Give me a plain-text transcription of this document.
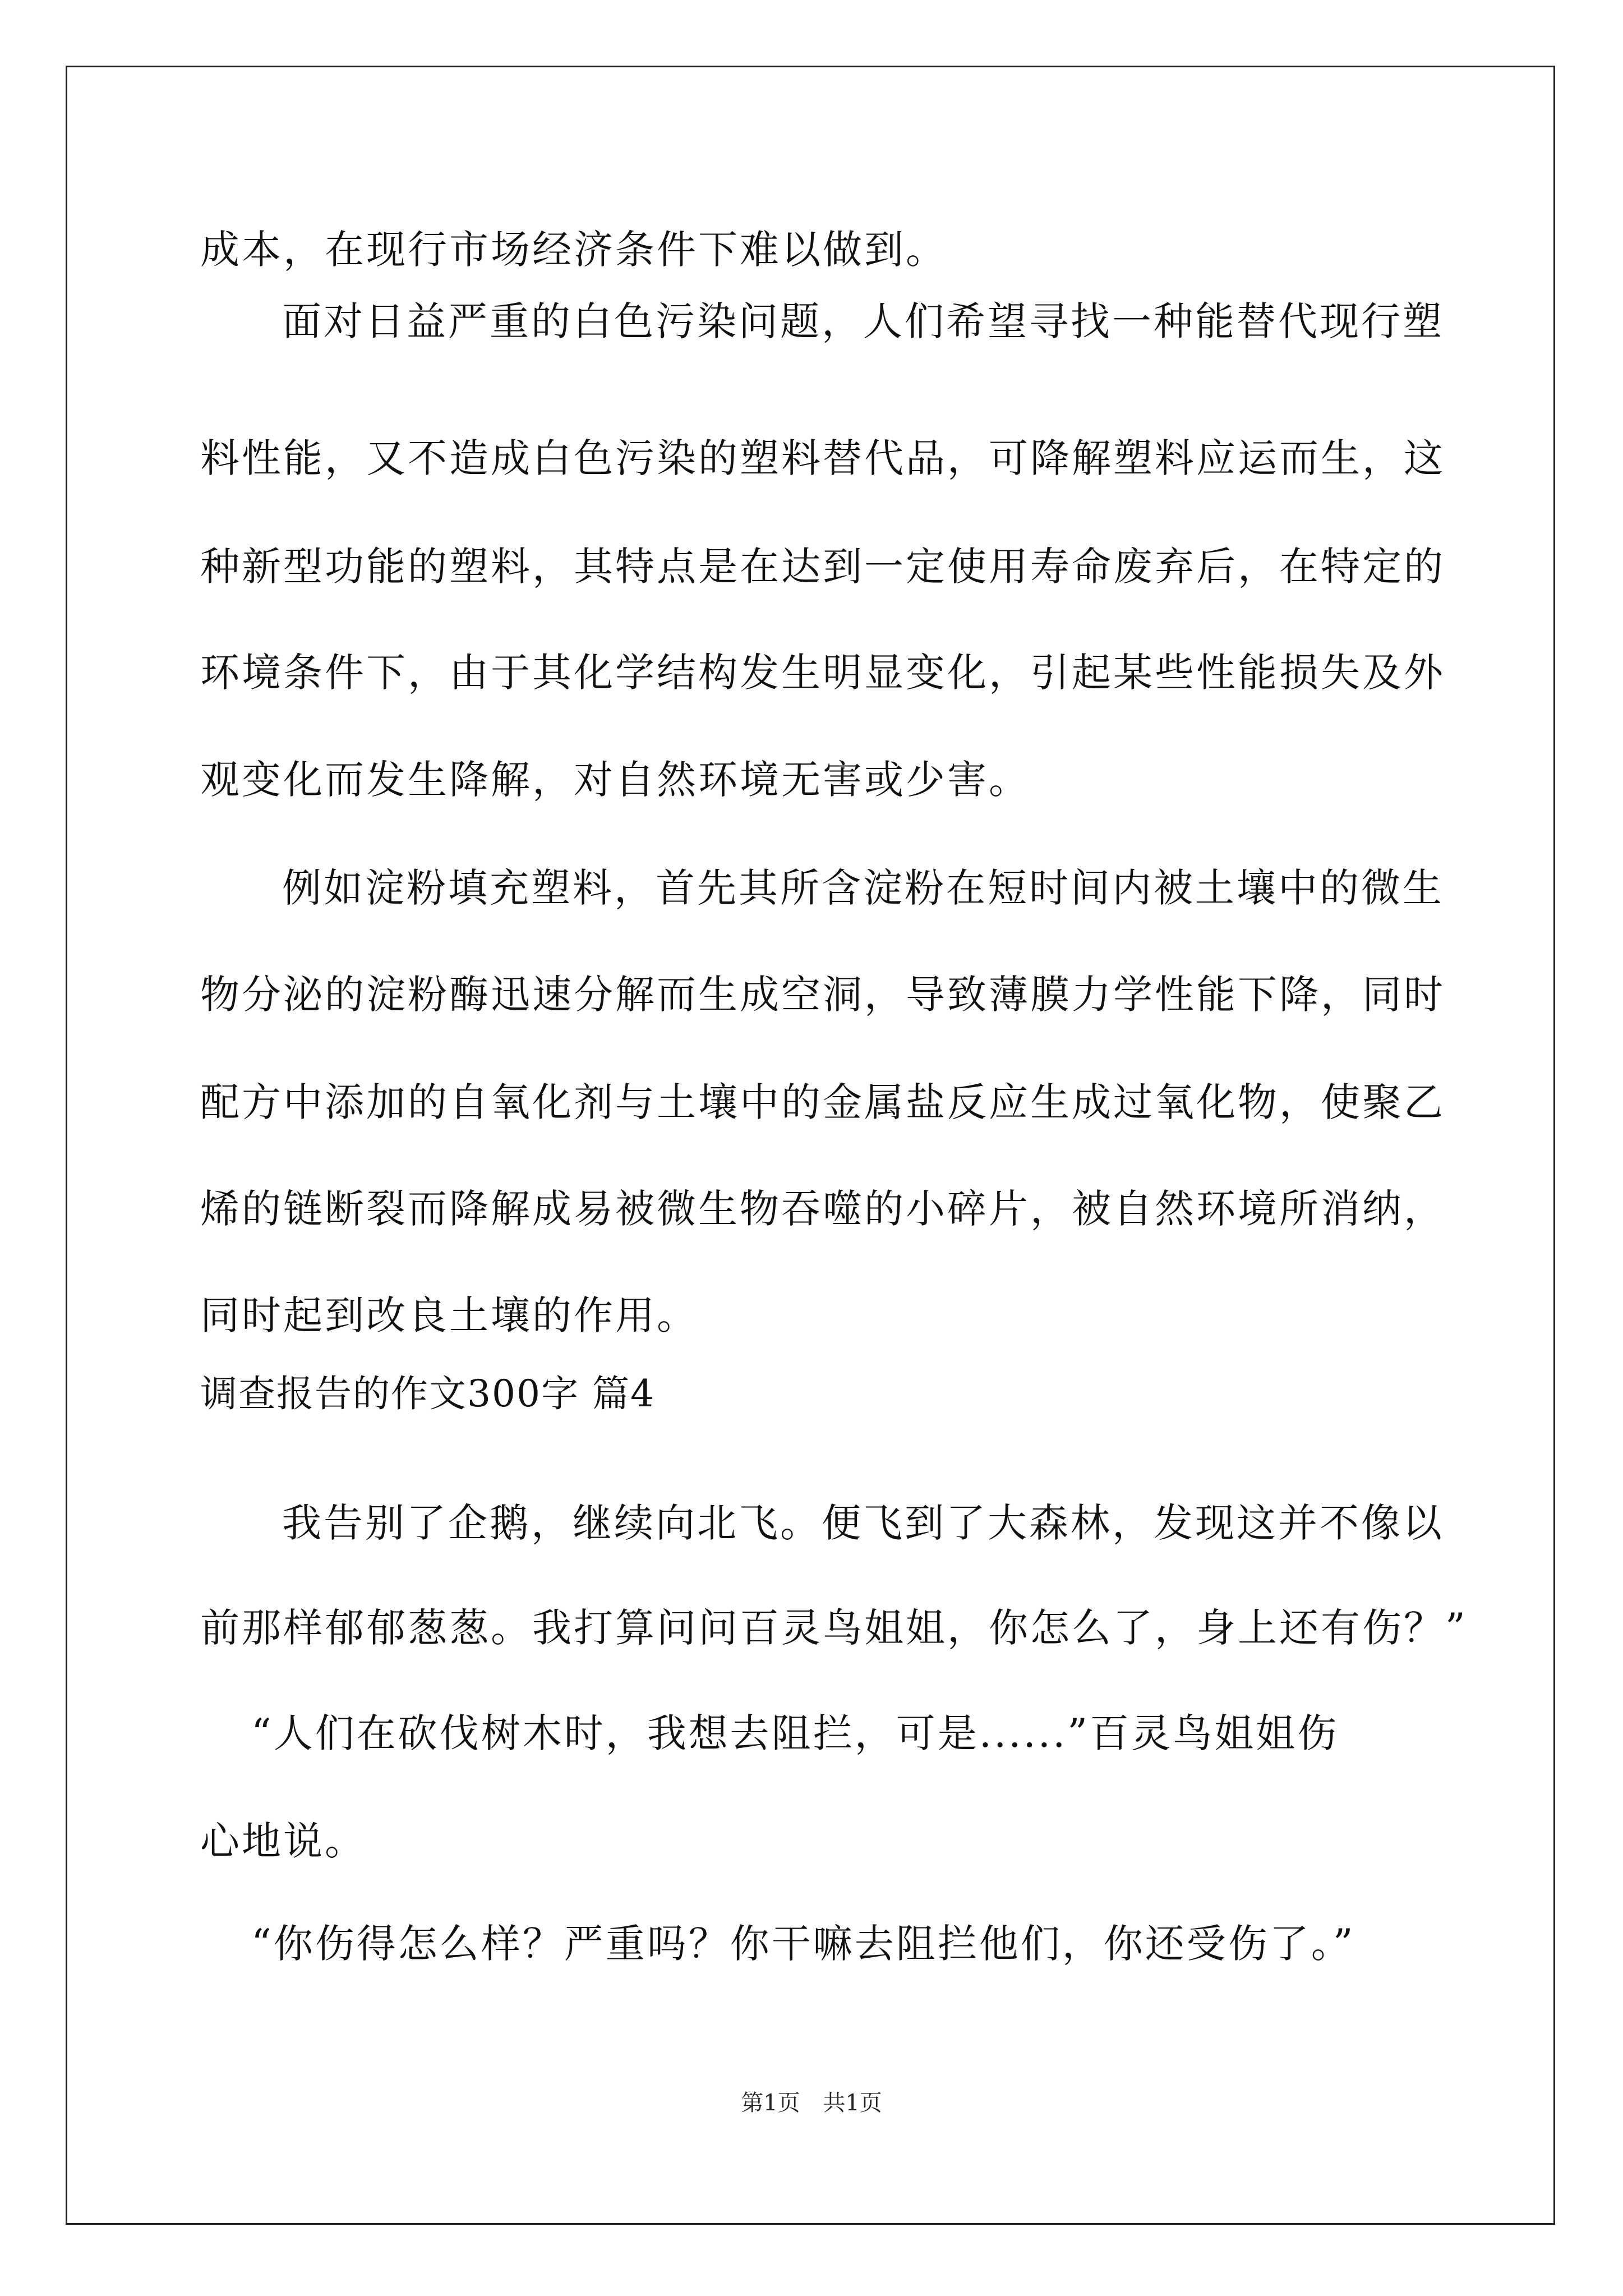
成本，在现行市场经济条件下难以做到。

面对日益严重的白色污染问题，人们希望寻找一种能替代现行塑

料性能，又不造成白色污染的塑料替代品，可降解塑料应运而生，这

种新型功能的塑料，其特点是在达到一定使用寿命废弃后，在特定的

环境条件下，由于其化学结构发生明显变化，引起某些性能损失及外

观变化而发生降解，对自然环境无害或少害。

例如淀粉填充塑料，首先其所含淀粉在短时间内被土壤中的微生

物分泌的淀粉酶迅速分解而生成空洞，导致薄膜力学性能下降，同时

配方中添加的自氧化剂与土壤中的金属盐反应生成过氧化物，使聚乙

烯的链断裂而降解成易被微生物吞噬的小碎片，被自然环境所消纳，

同时起到改良土壤的作用。

调查报告的作文300字 篇4

我告别了企鹅，继续向北飞。便飞到了大森林，发现这并不像以

前那样郁郁葱葱。我打算问问百灵鸟姐姐，你怎么了，身上还有伤？”

“人们在砍伐树木时，我想去阻拦，可是......”百灵鸟姐姐伤

心地说。

“你伤得怎么样？严重吗？你干嘛去阻拦他们，你还受伤了。”

第1页 共1页
